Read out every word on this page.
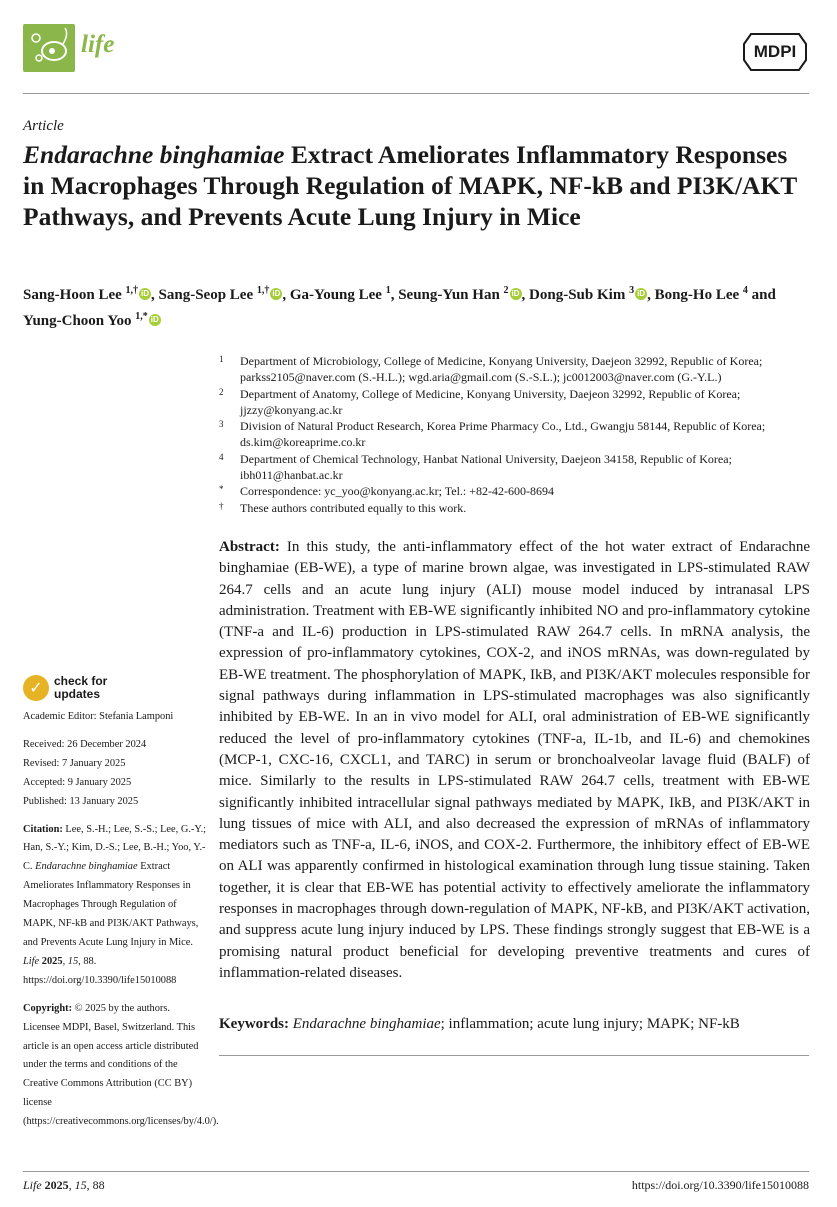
life	MDPI
Article
Endarachne binghamiae Extract Ameliorates Inflammatory Responses in Macrophages Through Regulation of MAPK, NF-kB and PI3K/AKT Pathways, and Prevents Acute Lung Injury in Mice
Sang-Hoon Lee $^{1,\dagger}$ iD , Sang-Seop Lee $^{1,\dagger}$ iD , Ga-Young Lee $^1$, Seung-Yun Han $^2$ iD , Dong-Sub Kim $^3$ iD , Bong-Ho Lee $^4$ and Yung-Choon Yoo $^{1,*}$ iD
1 Department of Microbiology, College of Medicine, Konyang University, Daejeon 32992, Republic of Korea; parkss2105@naver.com (S.-H.L.); wgd.aria@gmail.com (S.-S.L.); jc0012003@naver.com (G.-Y.L.)
2 Department of Anatomy, College of Medicine, Konyang University, Daejeon 32992, Republic of Korea; jjzzy@konyang.ac.kr
3 Division of Natural Product Research, Korea Prime Pharmacy Co., Ltd., Gwangju 58144, Republic of Korea; ds.kim@koreaprime.co.kr
4 Department of Chemical Technology, Hanbat National University, Daejeon 34158, Republic of Korea; ibh011@hanbat.ac.kr
* Correspondence: yc_yoo@konyang.ac.kr; Tel.: +82-42-600-8694
† These authors contributed equally to this work.

Abstract: In this study, the anti-inflammatory effect of the hot water extract of Endarachne binghamiae (EB-WE), a type of marine brown algae, was investigated in LPS-stimulated RAW 264.7 cells and an acute lung injury (ALI) mouse model induced by intranasal LPS administration. Treatment with EB-WE significantly inhibited NO and pro-inflammatory cytokine (TNF-a and IL-6) production in LPS-stimulated RAW 264.7 cells. In mRNA analysis, the expression of pro-inflammatory cytokines, COX-2, and iNOS mRNAs, was down-regulated by EB-WE treatment. The phosphorylation of MAPK, IkB, and PI3K/AKT molecules responsible for signal pathways during inflammation in LPS-stimulated macrophages was also significantly inhibited by EB-WE. In an in vivo model for ALI, oral administration of EB-WE significantly reduced the level of pro-inflammatory cytokines (TNF-a, IL-1b, and IL-6) and chemokines (MCP-1, CXC-16, CXCL1, and TARC) in serum or bronchoalveolar lavage fluid (BALF) of mice. Similarly to the results in LPS-stimulated RAW 264.7 cells, treatment with EB-WE significantly inhibited intracellular signal pathways mediated by MAPK, IkB, and PI3K/AKT in lung tissues of mice with ALI, and also decreased the expression of mRNAs of inflammatory mediators such as TNF-a, IL-6, iNOS, and COX-2. Furthermore, the inhibitory effect of EB-WE on ALI was apparently confirmed in histological examination through lung tissue staining. Taken together, it is clear that EB-WE has potential activity to effectively ameliorate the inflammatory responses in macrophages through down-regulation of MAPK, NF-kB, and PI3K/AKT activation, and suppress acute lung injury induced by LPS. These findings strongly suggest that EB-WE is a promising natural product beneficial for developing preventive treatments and cures of inflammation-related diseases.

Keywords: Endarachne binghamiae; inflammation; acute lung injury; MAPK; NF-kB
✓ check for
updates

Academic Editor: Stefania Lamponi

Received: 26 December 2024

Revised: 7 January 2025

Accepted: 9 January 2025

Published: 13 January 2025

Citation: Lee, S.-H.; Lee, S.-S.; Lee, G.-Y.; Han, S.-Y.; Kim, D.-S.; Lee, B.-H.; Yoo, Y.-C. Endarachne binghamiae Extract Ameliorates Inflammatory Responses in Macrophages Through Regulation of MAPK, NF-kB and PI3K/AKT Pathways, and Prevents Acute Lung Injury in Mice. Life 2025, 15, 88. https://doi.org/10.3390/life15010088

Copyright: © 2025 by the authors. Licensee MDPI, Basel, Switzerland. This article is an open access article distributed under the terms and conditions of the Creative Commons Attribution (CC BY) license (https://creativecommons.org/licenses/by/4.0/).

Life 2025, 15, 88	https://doi.org/10.3390/life15010088
